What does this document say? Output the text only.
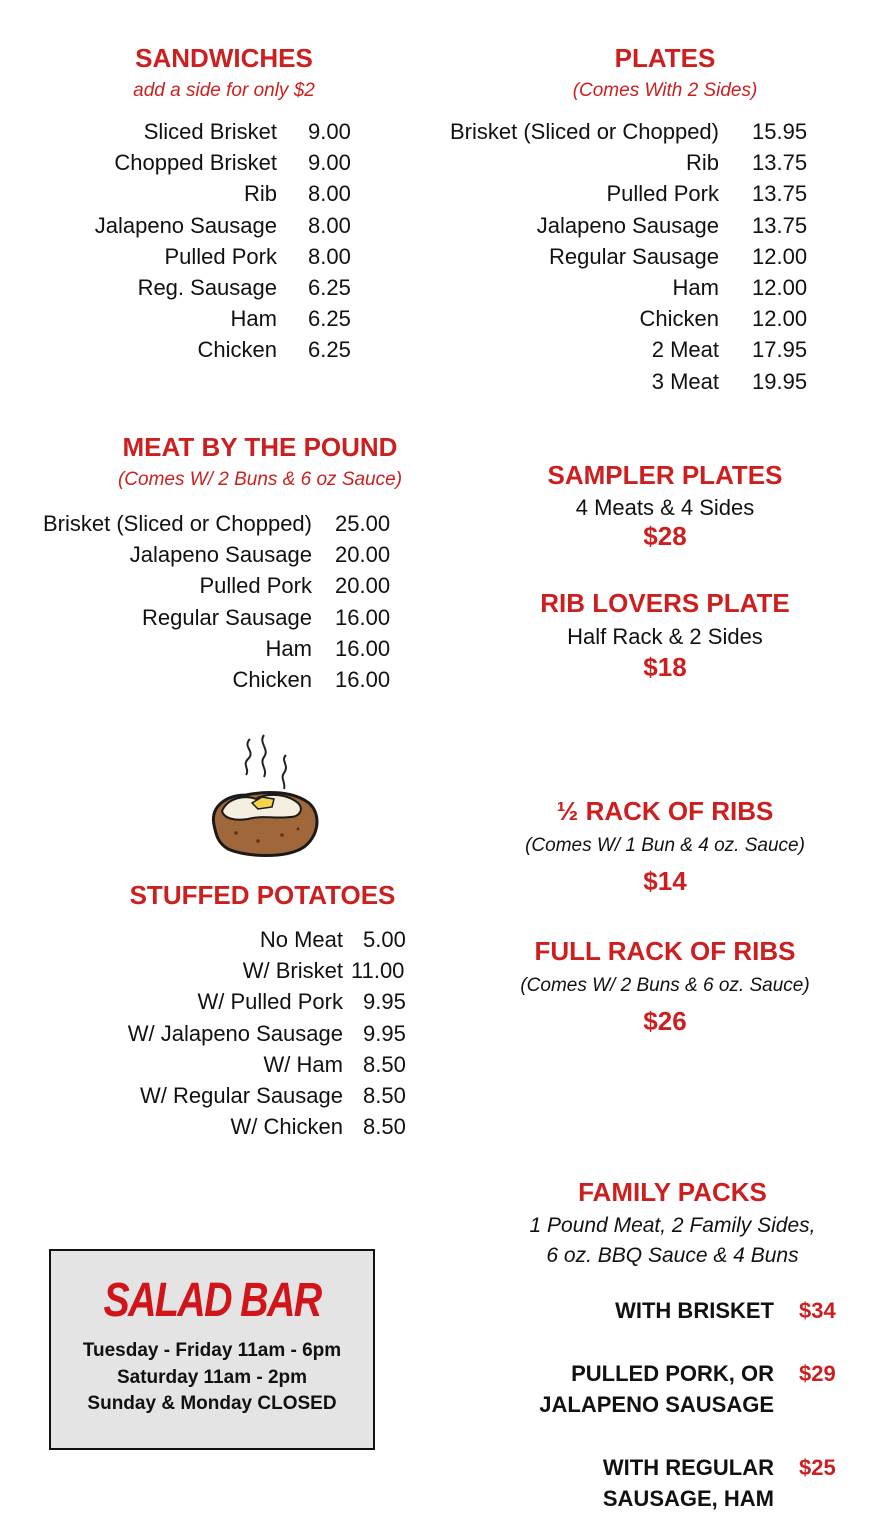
SANDWICHES
add a side for only $2
Sliced Brisket 9.00
Chopped Brisket 9.00
Rib 8.00
Jalapeno Sausage 8.00
Pulled Pork 8.00
Reg. Sausage 6.25
Ham 6.25
Chicken 6.25
PLATES
(Comes With 2 Sides)
Brisket (Sliced or Chopped) 15.95
Rib 13.75
Pulled Pork 13.75
Jalapeno Sausage 13.75
Regular Sausage 12.00
Ham 12.00
Chicken 12.00
2 Meat 17.95
3 Meat 19.95
MEAT BY THE POUND
(Comes W/ 2 Buns & 6 oz Sauce)
Brisket (Sliced or Chopped) 25.00
Jalapeno Sausage 20.00
Pulled Pork 20.00
Regular Sausage 16.00
Ham 16.00
Chicken 16.00
SAMPLER PLATES
4 Meats & 4 Sides
$28
RIB LOVERS PLATE
Half Rack & 2 Sides
$18
½ RACK OF RIBS
(Comes W/ 1 Bun & 4 oz. Sauce)
$14
FULL RACK OF RIBS
(Comes W/ 2 Buns & 6 oz. Sauce)
$26
STUFFED POTATOES
No Meat 5.00
W/ Brisket 11.00
W/ Pulled Pork 9.95
W/ Jalapeno Sausage 9.95
W/ Ham 8.50
W/ Regular Sausage 8.50
W/ Chicken 8.50
FAMILY PACKS
1 Pound Meat, 2 Family Sides,
6 oz. BBQ Sauce & 4 Buns
WITH BRISKET $34
PULLED PORK, OR
JALAPENO SAUSAGE
$29
WITH REGULAR
SAUSAGE, HAM
$25
SALAD BAR
Tuesday - Friday 11am - 6pm
Saturday 11am - 2pm
Sunday & Monday CLOSED
